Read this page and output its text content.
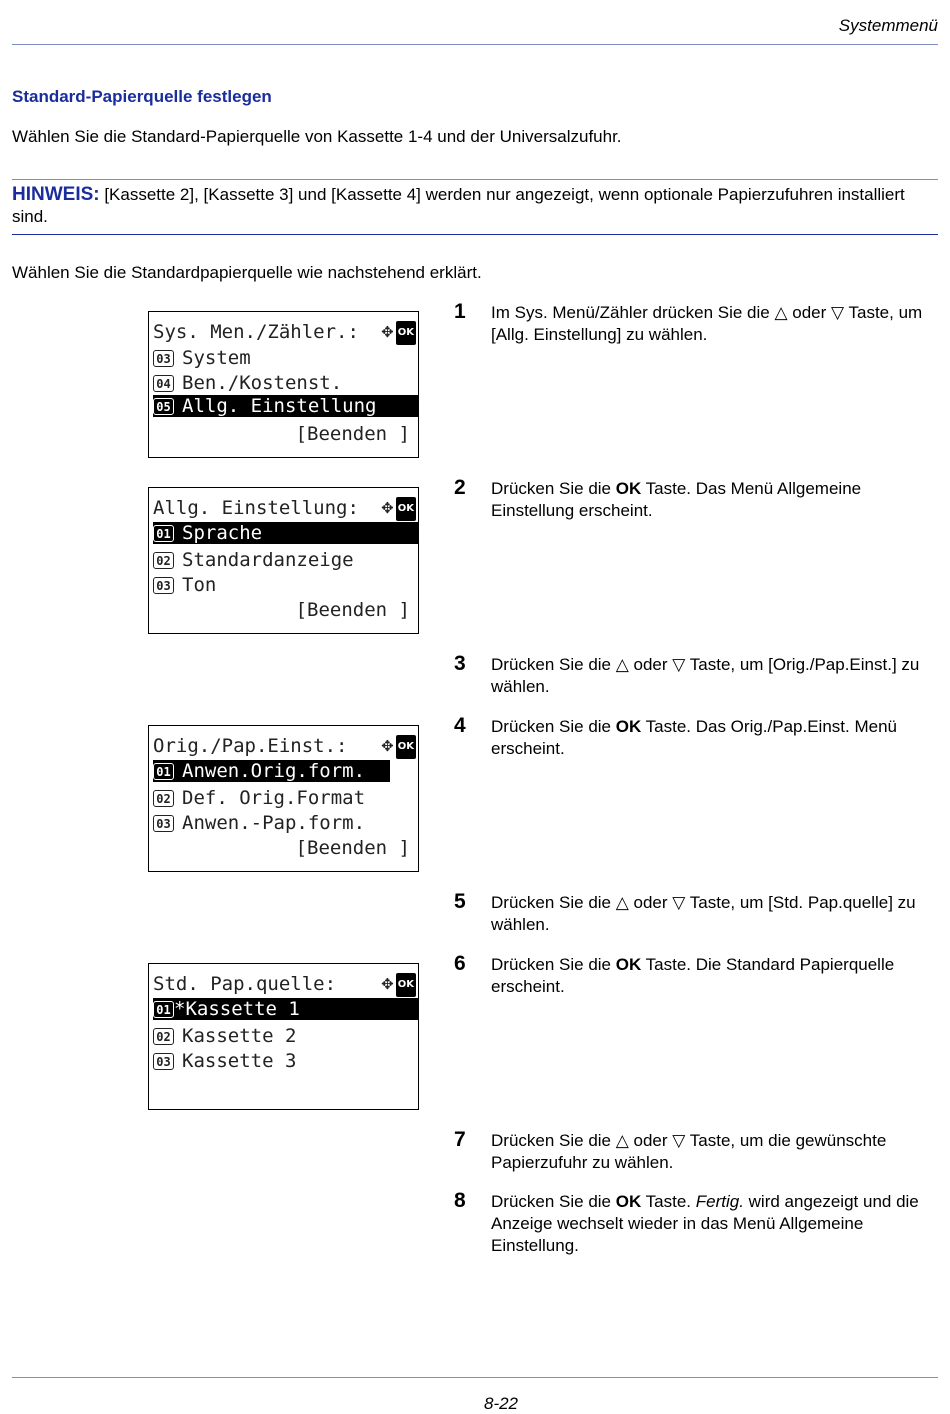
Systemmenü
Standard-Papierquelle festlegen
Wählen Sie die Standard-Papierquelle von Kassette 1-4 und der Universalzufuhr.
HINWEIS: [Kassette 2], [Kassette 3] und [Kassette 4] werden nur angezeigt, wenn optionale Papierzufuhren installiert sind.
Wählen Sie die Standardpapierquelle wie nachstehend erklärt.
Sys. Men./Zähler.: ✥ OK
03 System
04 Ben./Kostenst.
05 Allg. Einstellung
[Beenden ]
Allg. Einstellung: ✥ OK
01 Sprache
02 Standardanzeige
03 Ton
[Beenden ]
Orig./Pap.Einst.: ✥ OK
01 Anwen.Orig.form.
02 Def. Orig.Format
03 Anwen.-Pap.form.
[Beenden ]
Std. Pap.quelle:	✥ OK
01 *Kassette 1
02 Kassette 2
03 Kassette 3
1 Im Sys. Menü/Zähler drücken Sie die △ oder ▽ Taste, um [Allg. Einstellung] zu wählen.
2 Drücken Sie die OK Taste. Das Menü Allgemeine Einstellung erscheint.
3 Drücken Sie die △ oder ▽ Taste, um [Orig./Pap.Einst.] zu wählen.
4 Drücken Sie die OK Taste. Das Orig./Pap.Einst. Menü erscheint.
5 Drücken Sie die △ oder ▽ Taste, um [Std. Pap.quelle] zu wählen.
6 Drücken Sie die OK Taste. Die Standard Papierquelle erscheint.
7 Drücken Sie die △ oder ▽ Taste, um die gewünschte Papierzufuhr zu wählen.
8 Drücken Sie die OK Taste. Fertig. wird angezeigt und die Anzeige wechselt wieder in das Menü Allgemeine Einstellung.
8-22
